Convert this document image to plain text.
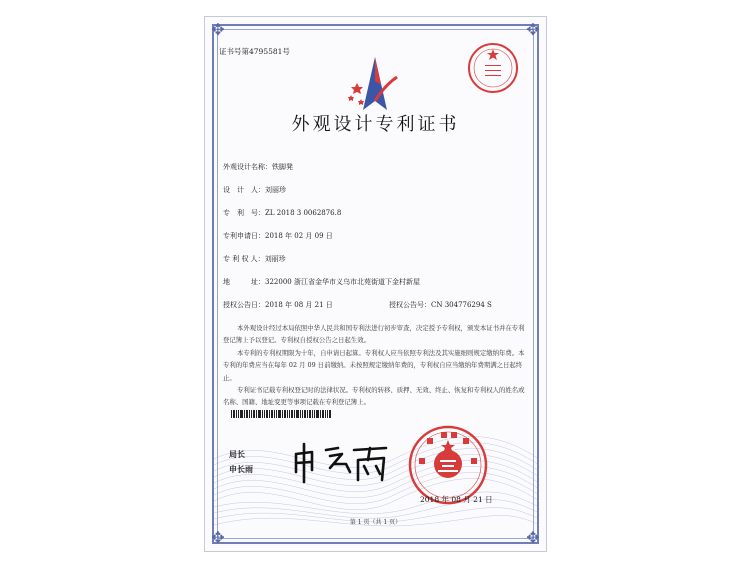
✥	✥
✥	✥
证书号第4795581号
外观设计专利证书
外观设计名称：铁脚凳
设　计　人：刘丽珍
专　利　号：ZL 2018 3 0062876.8
专利申请日：2018 年 02 月 09 日
专 利 权 人：刘丽珍
地　　　址：322000 浙江省金华市义乌市北苑街道下金村新屋
授权公告日：2018 年 08 月 21 日	授权公告号：CN 304776294 S
本外观设计经过本局依照中华人民共和国专利法进行初步审查，决定授予专利权，颁发本证书并在专利登记簿上予以登记。专利权自授权公告之日起生效。
本专利的专利权期限为十年，自申请日起算。专利权人应当依照专利法及其实施细则规定缴纳年费。本专利的年费应当在每年 02 月 09 日前缴纳。未按照规定缴纳年费的，专利权自应当缴纳年费期满之日起终止。
专利证书记载专利权登记时的法律状况。专利权的转移、质押、无效、终止、恢复和专利权人的姓名或名称、国籍、地址变更等事项记载在专利登记簿上。
局长
申长雨
2018 年 08 月 21 日
第 1 页（共 1 页）
